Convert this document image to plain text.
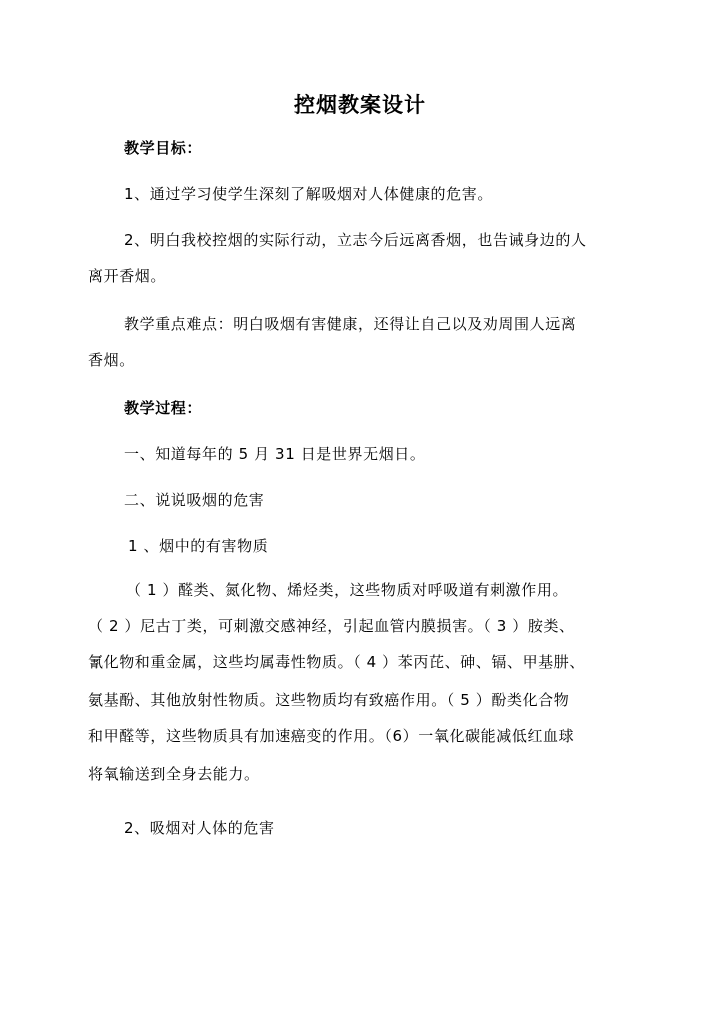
控烟教案设计
教学目标：
1、通过学习使学生深刻了解吸烟对人体健康的危害。
2、明白我校控烟的实际行动，立志今后远离香烟，也告诫身边的人
离开香烟。
教学重点难点：明白吸烟有害健康，还得让自己以及劝周围人远离
香烟。
教学过程：
一、知道每年的 5 月 31 日是世界无烟日。
二、说说吸烟的危害
1 、烟中的有害物质
（ 1 ）醛类、氮化物、烯烃类，这些物质对呼吸道有刺激作用。
（ 2 ）尼古丁类，可刺激交感神经，引起血管内膜损害。（ 3 ）胺类、
氰化物和重金属，这些均属毒性物质。（ 4 ）苯丙芘、砷、镉、甲基肼、
氨基酚、其他放射性物质。这些物质均有致癌作用。（ 5 ）酚类化合物
和甲醛等，这些物质具有加速癌变的作用。（6）一氧化碳能减低红血球
将氧输送到全身去能力。
2、吸烟对人体的危害
